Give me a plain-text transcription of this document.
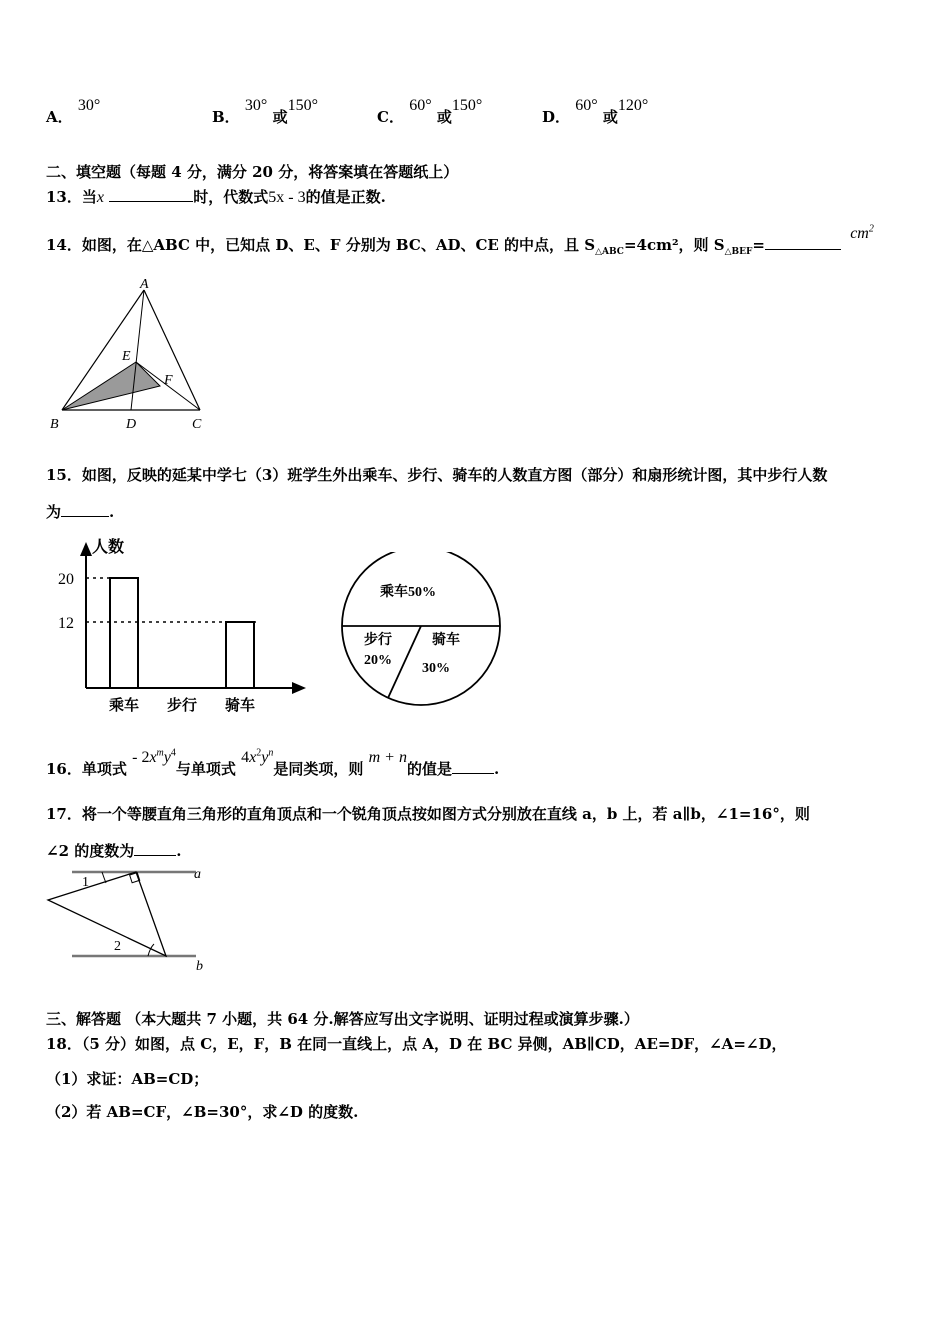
A． 30°
B． 30° 或150°
C． 60° 或150°
D． 60° 或120°
二、填空题（每题 4 分，满分 20 分，将答案填在答题纸上）
13．当x	时，代数式5x - 3的值是正数.
14．如图，在△ABC 中，已知点 D、E、F 分别为 BC、AD、CE 的中点，且 $S_{\triangle ABC}=4cm^2$，则 $S_{\triangle BEF}= cm^2$
A
E
F
B	D	C
15．如图，反映的延某中学七（3）班学生外出乘车、步行、骑车的人数直方图（部分）和扇形统计图，其中步行人数
为	.
人数
12
20
乘车 步行 骑车
乘车50%
步行
20%
骑车
30%
16．单项式 - $2x^my^4$与单项式 $4x^2y^n$是同类项，则 m + n的值是	.
17．将一个等腰直角三角形的直角顶点和一个锐角顶点按如图方式分别放在直线 a，b 上，若 a∥b，∠1=16°，则
∠2 的度数为	.
1
a
2
b
三、解答题 （本大题共 7 小题，共 64 分.解答应写出文字说明、证明过程或演算步骤.）
18．（5 分）如图，点 C，E，F，B 在同一直线上，点 A，D 在 BC 异侧，AB∥CD，AE=DF，∠A=∠D，
（1）求证：AB=CD；
（2）若 AB=CF，∠B=30°，求∠D 的度数.
